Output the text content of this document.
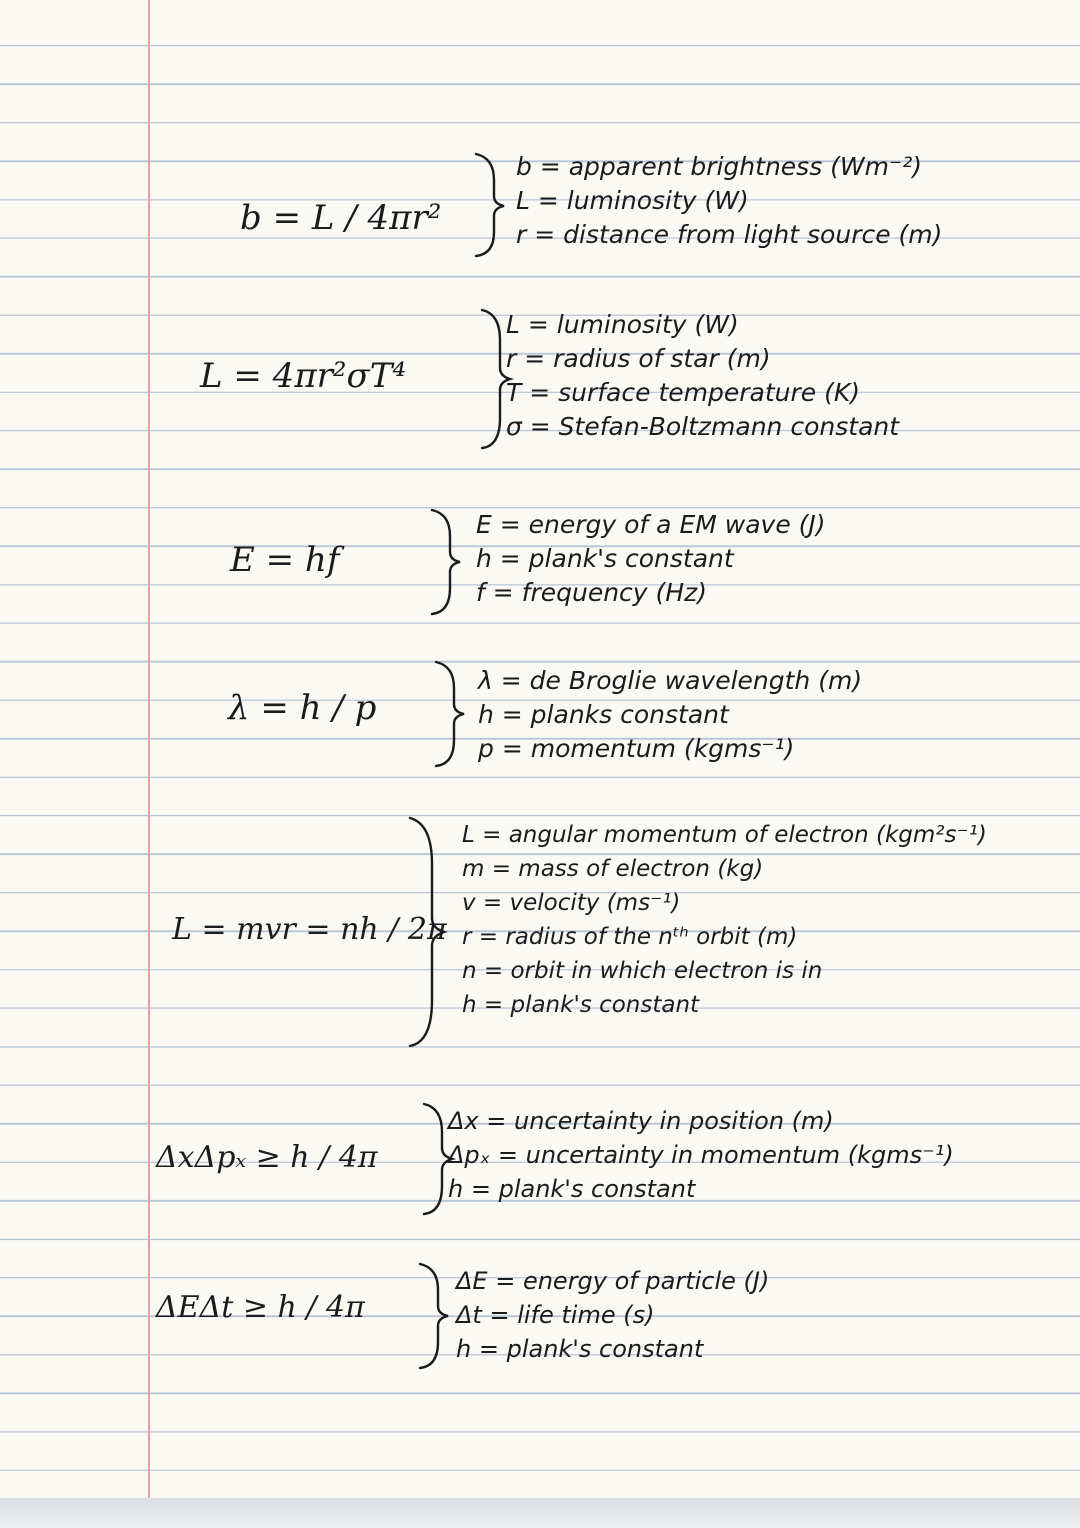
b = L / 4πr²
b = apparent brightness (Wm⁻²)
L = luminosity (W)
r = distance from light source (m)
L = 4πr²σT⁴
L = luminosity (W)
r = radius of star (m)
T = surface temperature (K)
σ = Stefan-Boltzmann constant
E = hf
E = energy of a EM wave (J)
h = plank's constant
f = frequency (Hz)
λ = h / p
λ = de Broglie wavelength (m)
h = planks constant
p = momentum (kgms⁻¹)
L = mvr = nh / 2π
L = angular momentum of electron (kgm²s⁻¹)
m = mass of electron (kg)
v = velocity (ms⁻¹)
r = radius of the nᵗʰ orbit (m)
n = orbit in which electron is in
h = plank's constant
ΔxΔpₓ ≥ h / 4π
Δx = uncertainty in position (m)
Δpₓ = uncertainty in momentum (kgms⁻¹)
h = plank's constant
ΔEΔt ≥ h / 4π
ΔE = energy of particle (J)
Δt = life time (s)
h = plank's constant
